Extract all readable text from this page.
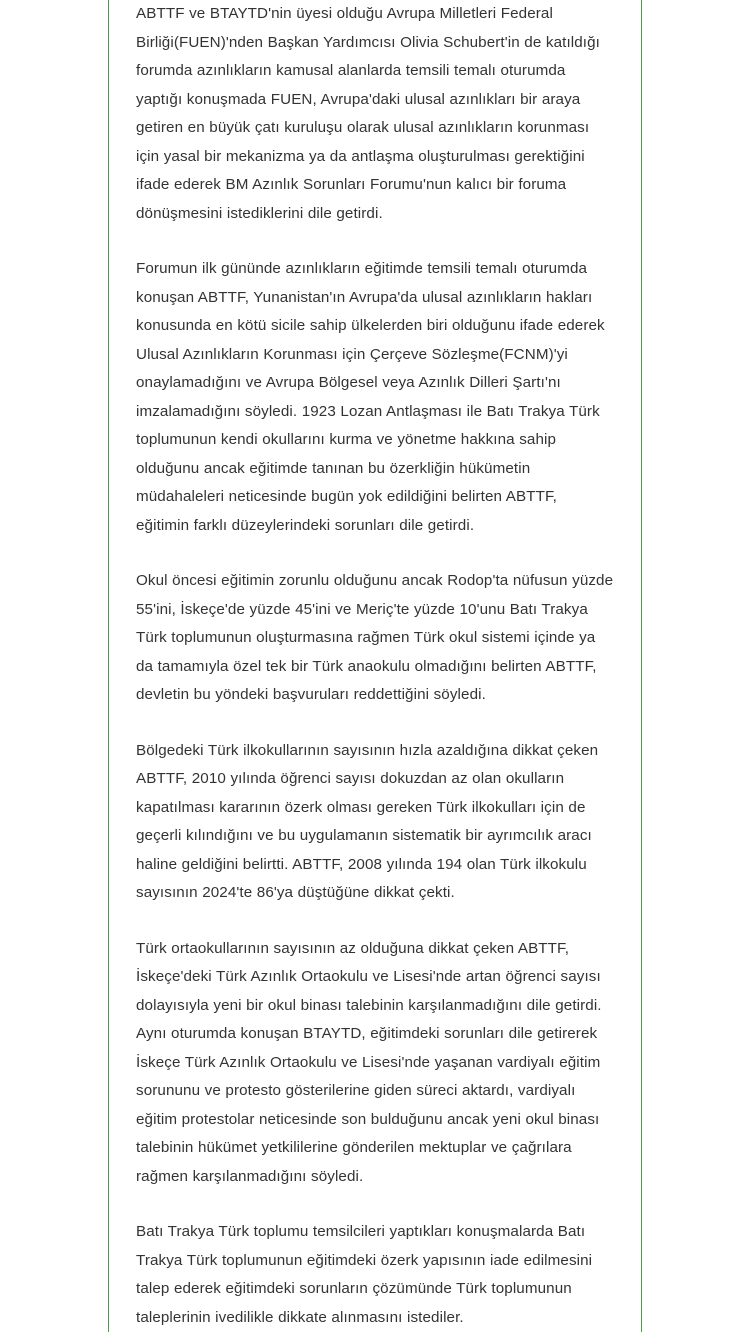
ABTTF ve BTAYTD'nin üyesi olduğu Avrupa Milletleri Federal Birliği(FUEN)'nden Başkan Yardımcısı Olivia Schubert'in de katıldığı forumda azınlıkların kamusal alanlarda temsili temalı oturumda yaptığı konuşmada FUEN, Avrupa'daki ulusal azınlıkları bir araya getiren en büyük çatı kuruluşu olarak ulusal azınlıkların korunması için yasal bir mekanizma ya da antlaşma oluşturulması gerektiğini ifade ederek BM Azınlık Sorunları Forumu'nun kalıcı bir foruma dönüşmesini istediklerini dile getirdi.

Forumun ilk gününde azınlıkların eğitimde temsili temalı oturumda konuşan ABTTF, Yunanistan'ın Avrupa'da ulusal azınlıkların hakları konusunda en kötü sicile sahip ülkelerden biri olduğunu ifade ederek Ulusal Azınlıkların Korunması için Çerçeve Sözleşme(FCNM)'yi onaylamadığını ve Avrupa Bölgesel veya Azınlık Dilleri Şartı'nı imzalamadığını söyledi. 1923 Lozan Antlaşması ile Batı Trakya Türk toplumunun kendi okullarını kurma ve yönetme hakkına sahip olduğunu ancak eğitimde tanınan bu özerkliğin hükümetin müdahaleleri neticesinde bugün yok edildiğini belirten ABTTF, eğitimin farklı düzeylerindeki sorunları dile getirdi.

Okul öncesi eğitimin zorunlu olduğunu ancak Rodop'ta nüfusun yüzde 55'ini, İskeçe'de yüzde 45'ini ve Meriç'te yüzde 10'unu Batı Trakya Türk toplumunun oluşturmasına rağmen Türk okul sistemi içinde ya da tamamıyla özel tek bir Türk anaokulu olmadığını belirten ABTTF, devletin bu yöndeki başvuruları reddettiğini söyledi.

Bölgedeki Türk ilkokullarının sayısının hızla azaldığına dikkat çeken ABTTF, 2010 yılında öğrenci sayısı dokuzdan az olan okulların kapatılması kararının özerk olması gereken Türk ilkokulları için de geçerli kılındığını ve bu uygulamanın sistematik bir ayrımcılık aracı haline geldiğini belirtti. ABTTF, 2008 yılında 194 olan Türk ilkokulu sayısının 2024'te 86'ya düştüğüne dikkat çekti.

Türk ortaokullarının sayısının az olduğuna dikkat çeken ABTTF, İskeçe'deki Türk Azınlık Ortaokulu ve Lisesi'nde artan öğrenci sayısı dolayısıyla yeni bir okul binası talebinin karşılanmadığını dile getirdi. Aynı oturumda konuşan BTAYTD, eğitimdeki sorunları dile getirerek İskeçe Türk Azınlık Ortaokulu ve Lisesi'nde yaşanan vardiyalı eğitim sorununu ve protesto gösterilerine giden süreci aktardı, vardiyalı eğitim protestolar neticesinde son bulduğunu ancak yeni okul binası talebinin hükümet yetkililerine gönderilen mektuplar ve çağrılara rağmen karşılanmadığını söyledi.

Batı Trakya Türk toplumu temsilcileri yaptıkları konuşmalarda Batı Trakya Türk toplumunun eğitimdeki özerk yapısının iade edilmesini talep ederek eğitimdeki sorunların çözümünde Türk toplumunun taleplerinin ivedilikle dikkate alınmasını istediler.
